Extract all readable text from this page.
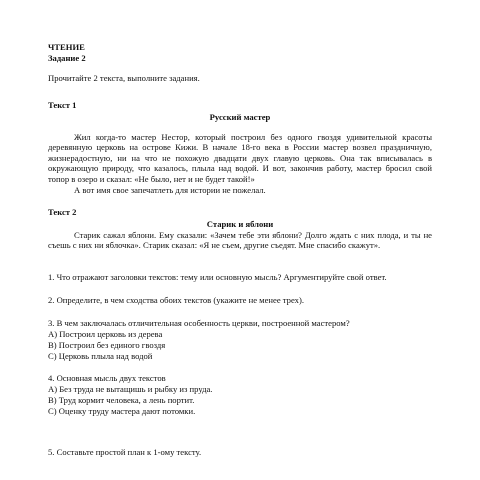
ЧТЕНИЕ
Задание 2
Прочитайте 2 текста, выполните задания.
Текст 1
Русский мастер
Жил когда-то мастер Нестор, который построил без одного гвоздя удивительной красоты деревянную церковь на острове Кижи. В начале 18-го века в России мастер возвел праздничную, жизнерадостную, ни на что не похожую двадцати двух главую церковь. Она так вписывалась в окружающую природу, что казалось, плыла над водой. И вот, закончив работу, мастер бросил свой топор в озеро и сказал: «Не было, нет и не будет такой!»
А вот имя свое запечатлеть для истории не пожелал.
Текст 2
Старик и яблони
Старик сажал яблони. Ему сказали: «Зачем тебе эти яблони? Долго ждать с них плода, и ты не съешь с них ни яблочка». Старик сказал: «Я не съем, другие съедят. Мне спасибо скажут».
1. Что отражают заголовки текстов: тему или основную мысль? Аргументируйте свой ответ.
2. Определите, в чем сходства обоих текстов (укажите не менее трех).
3. В чем заключалась отличительная особенность церкви, построенной мастером?
А) Построил церковь из дерева
В) Построил без единого гвоздя
С) Церковь плыла над водой
4. Основная мысль двух текстов
А) Без труда не вытащишь и рыбку из пруда.
В) Труд кормит человека, а лень портит.
С) Оценку труду мастера дают потомки.
5. Составьте простой план к 1-ому тексту.
